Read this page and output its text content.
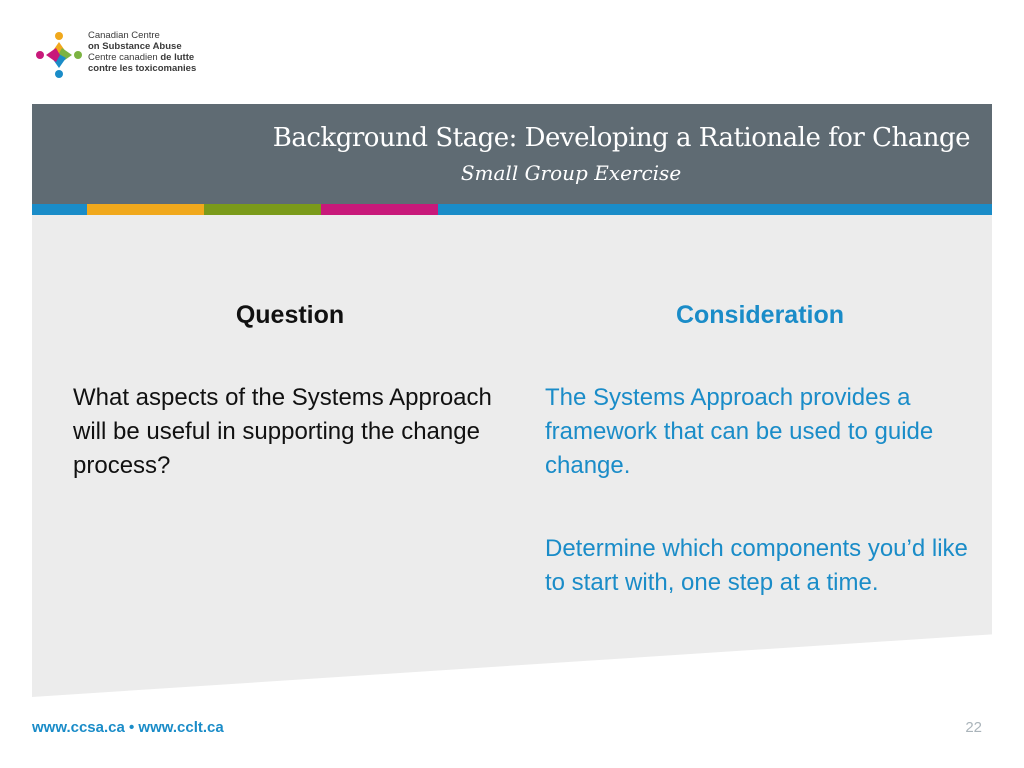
Canadian Centre
on Substance Abuse
Centre canadien de lutte
contre les toxicomanies
Background Stage: Developing a Rationale for Change
Small Group Exercise
Question	Consideration
What aspects of the Systems Approach will be useful in supporting the change process?
The Systems Approach provides a framework that can be used to guide change.
Determine which components you’d like to start with, one step at a time.
www.ccsa.ca • www.cclt.ca	22
